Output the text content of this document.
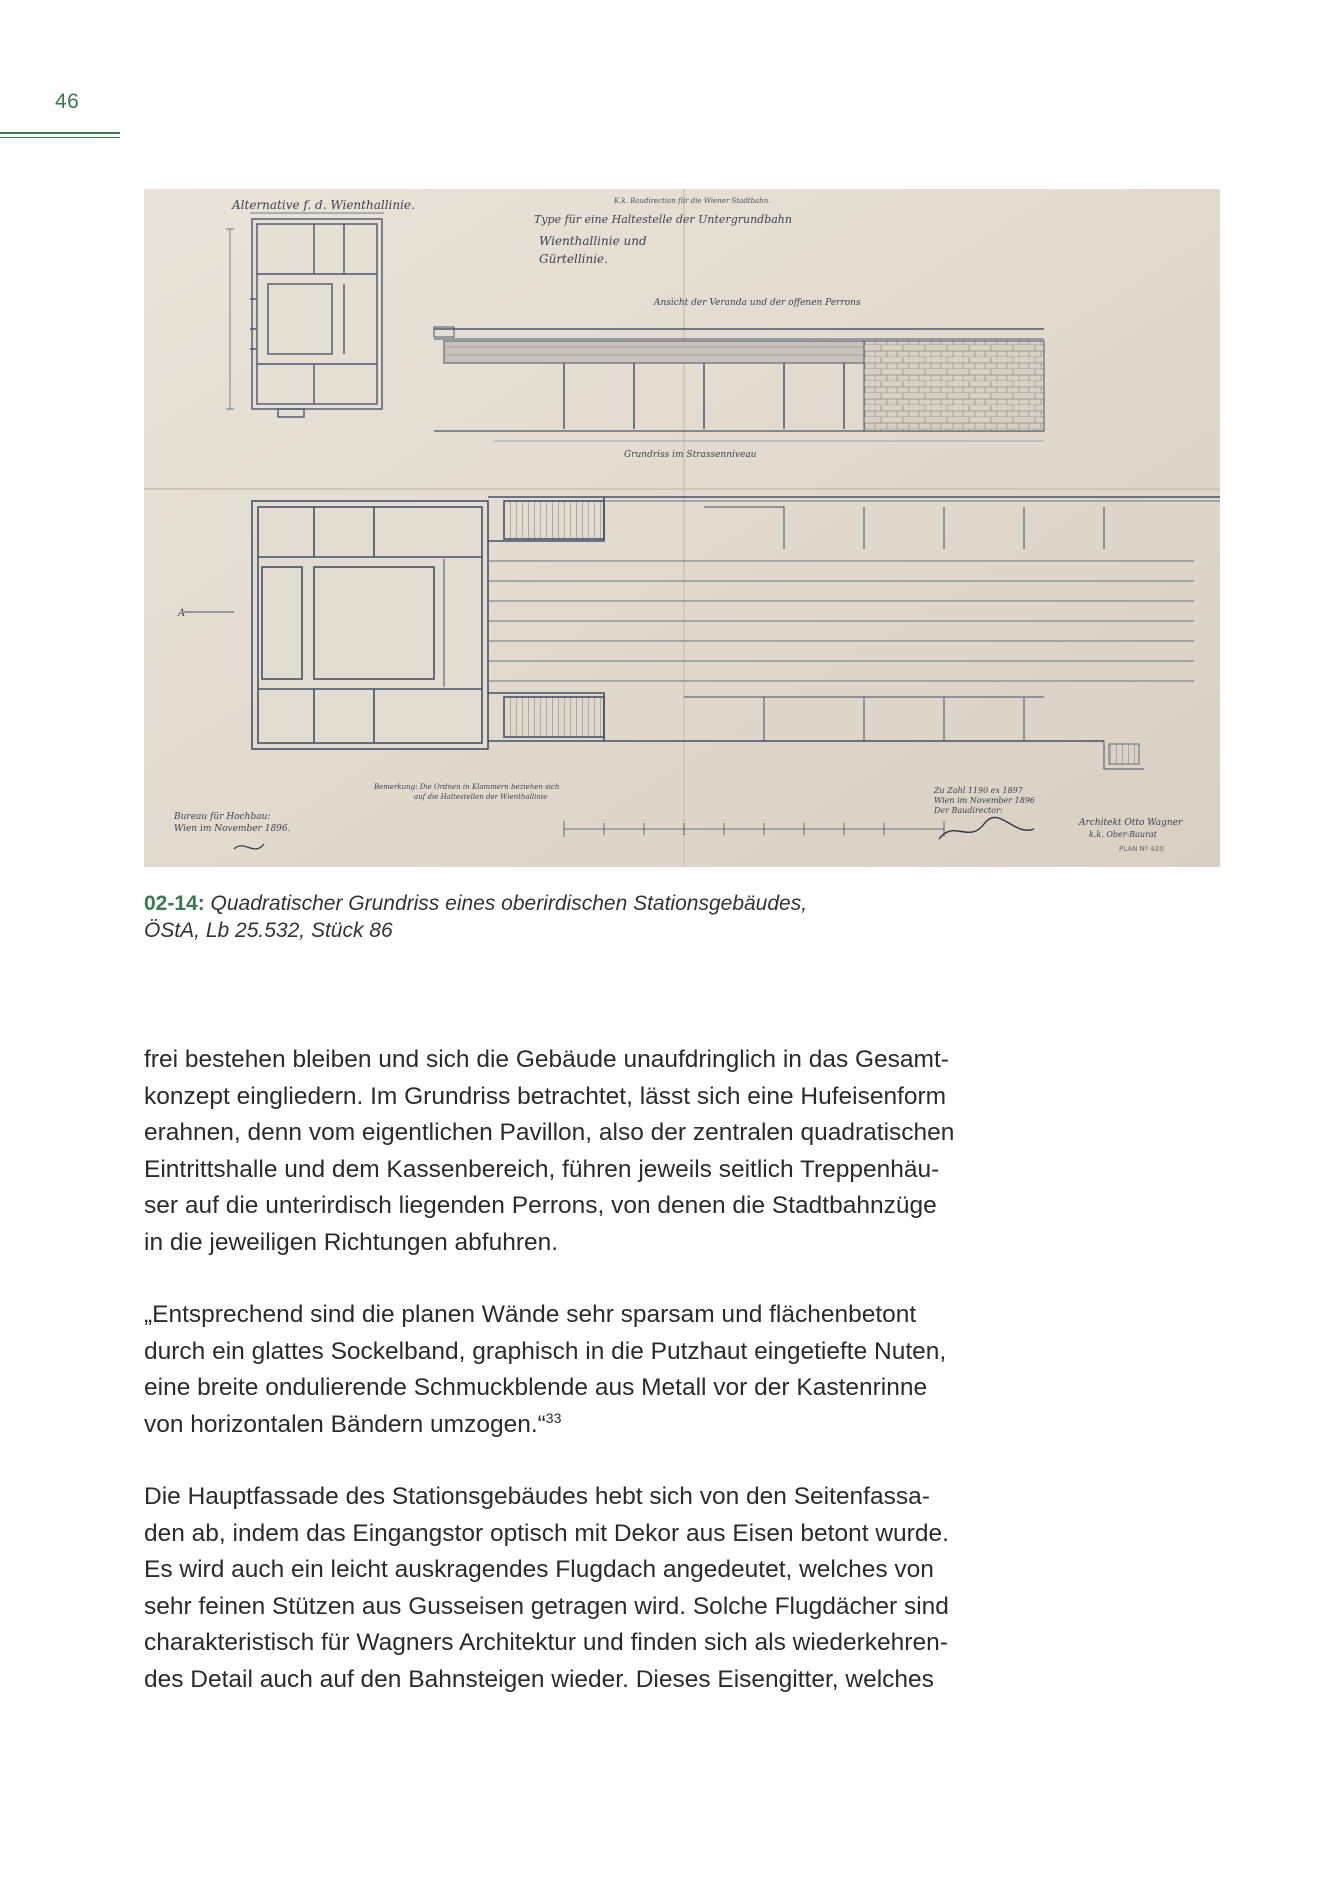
46
Alternative f. d. Wienthallinie.	K.k. Baudirection für die Wiener Stadtbahn.
Type für eine Haltestelle der Untergrundbahn
Wienthallinie und
Gürtellinie.
Ansicht der Veranda und der offenen Perrons
Grundriss im Strassenniveau
A
Bemerkung: Die Ordnen in Klammern beziehen sich
auf die Haltestellen der Wienthallinie
Bureau für Hochbau:
Wien im November 1896.
Zu Zahl 1190 ex 1897
Wien im November 1896
Der Baudirector:
Architekt Otto Wagner
k.k. Ober-Baurat
PLAN Nº 420
02-14: Quadratischer Grundriss eines oberirdischen Stationsgebäudes,
ÖStA, Lb 25.532, Stück 86

frei bestehen bleiben und sich die Gebäude unaufdringlich in das Gesamt-
konzept eingliedern. Im Grundriss betrachtet, lässt sich eine Hufeisenform
erahnen, denn vom eigentlichen Pavillon, also der zentralen quadratischen
Eintrittshalle und dem Kassenbereich, führen jeweils seitlich Treppenhäu-
ser auf die unterirdisch liegenden Perrons, von denen die Stadtbahnzüge
in die jeweiligen Richtungen abfuhren.

„Entsprechend sind die planen Wände sehr sparsam und flächenbetont
durch ein glattes Sockelband, graphisch in die Putzhaut eingetiefte Nuten,
eine breite ondulierende Schmuckblende aus Metall vor der Kastenrinne
von horizontalen Bändern umzogen.“$^{33}$

Die Hauptfassade des Stationsgebäudes hebt sich von den Seitenfassa-
den ab, indem das Eingangstor optisch mit Dekor aus Eisen betont wurde.
Es wird auch ein leicht auskragendes Flugdach angedeutet, welches von
sehr feinen Stützen aus Gusseisen getragen wird. Solche Flugdächer sind
charakteristisch für Wagners Architektur und finden sich als wiederkehren-
des Detail auch auf den Bahnsteigen wieder. Dieses Eisengitter, welches
